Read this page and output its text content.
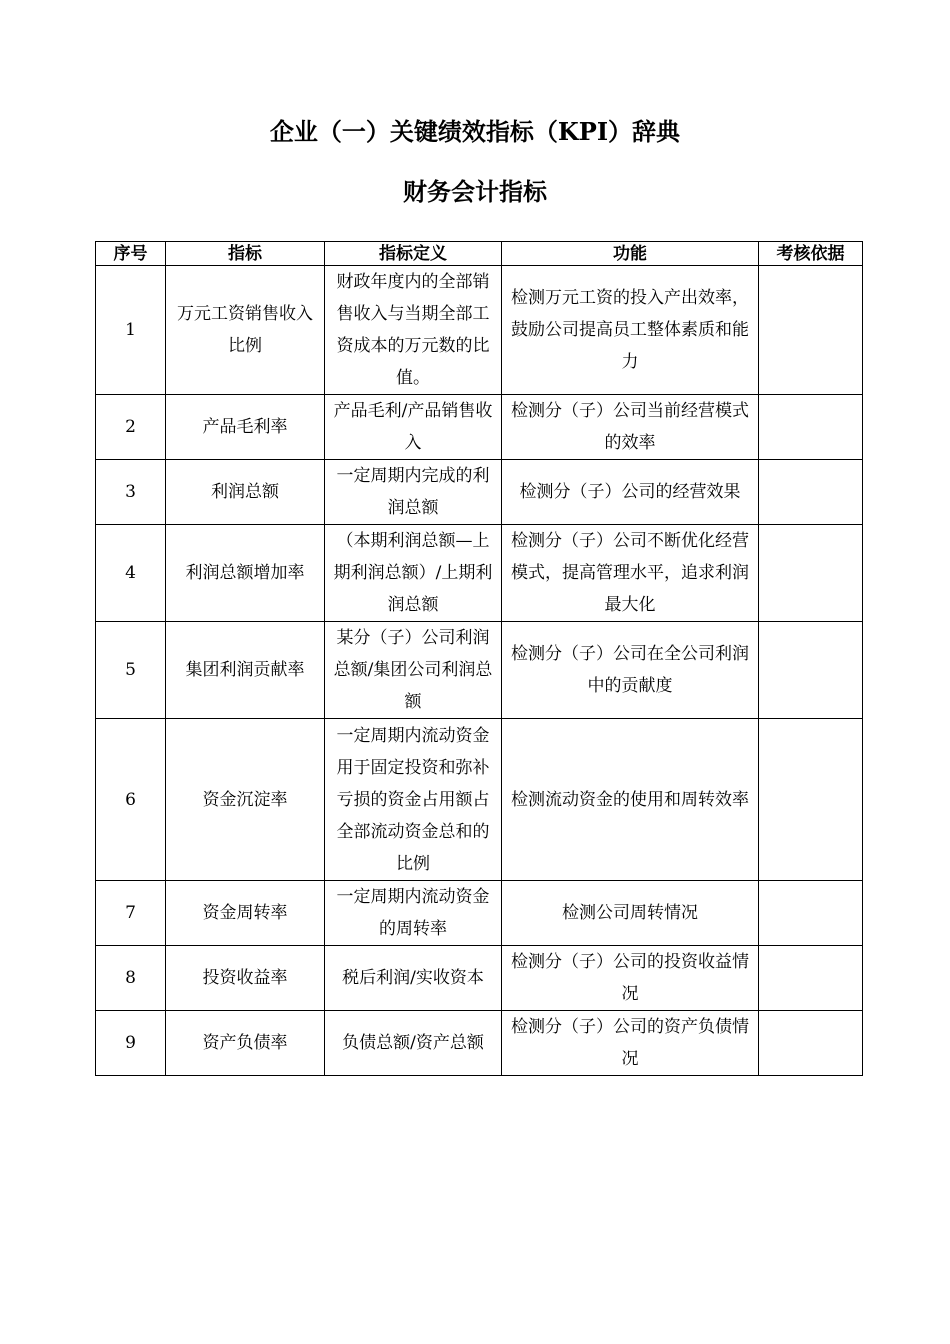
企业（一）关键绩效指标（KPI）辞典
财务会计指标
序号	指标	指标定义	功能	考核依据
1	万元工资销售收入比例	财政年度内的全部销售收入与当期全部工资成本的万元数的比值。	检测万元工资的投入产出效率，鼓励公司提高员工整体素质和能力	
2	产品毛利率	产品毛利/产品销售收入	检测分（子）公司当前经营模式的效率	
3	利润总额	一定周期内完成的利润总额	检测分（子）公司的经营效果	
4	利润总额增加率	（本期利润总额—上期利润总额）/上期利润总额	检测分（子）公司不断优化经营模式，提高管理水平，追求利润最大化	
5	集团利润贡献率	某分（子）公司利润总额/集团公司利润总额	检测分（子）公司在全公司利润中的贡献度	
6	资金沉淀率	一定周期内流动资金用于固定投资和弥补亏损的资金占用额占全部流动资金总和的比例	检测流动资金的使用和周转效率	
7	资金周转率	一定周期内流动资金的周转率	检测公司周转情况	
8	投资收益率	税后利润/实收资本	检测分（子）公司的投资收益情况	
9	资产负债率	负债总额/资产总额	检测分（子）公司的资产负债情况	
